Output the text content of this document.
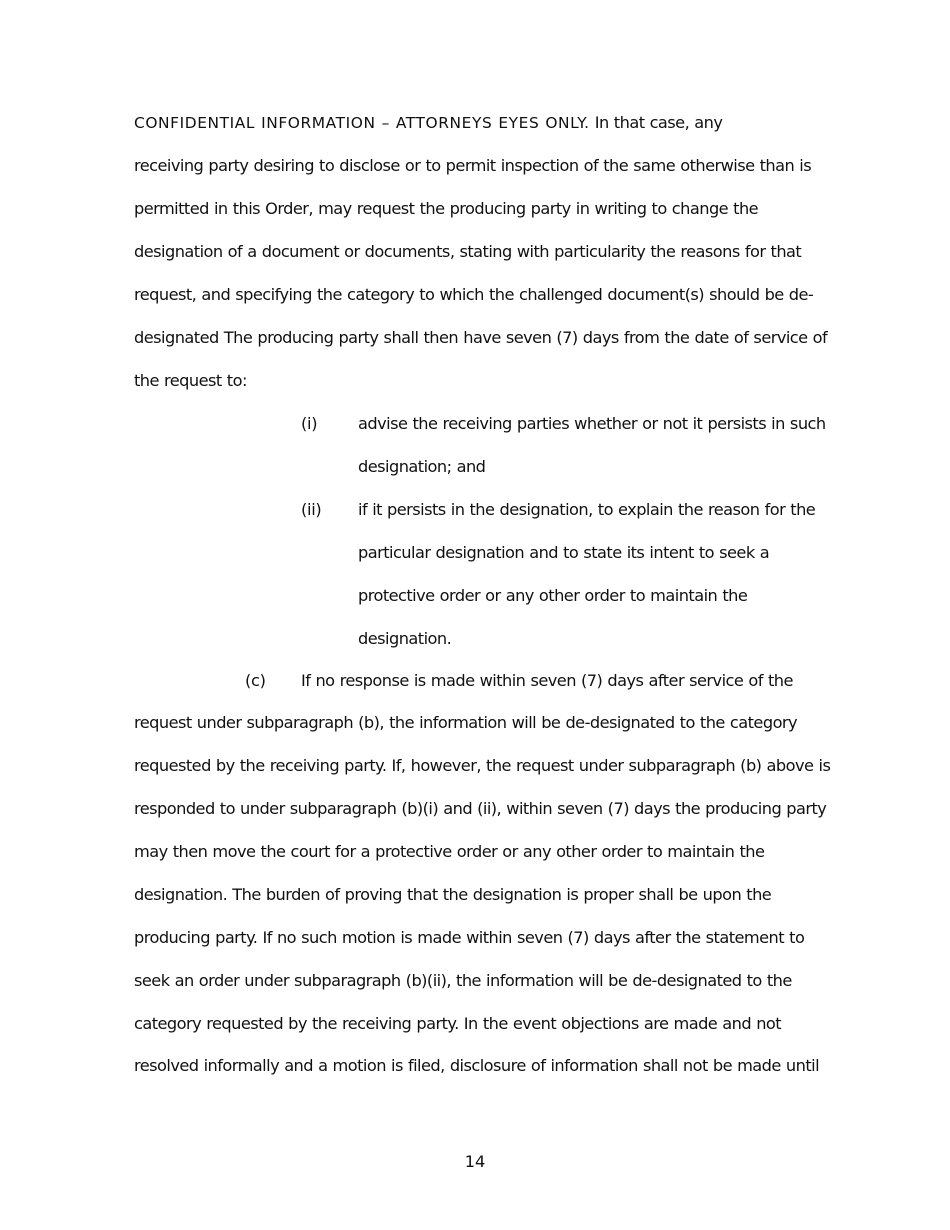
CONFIDENTIAL INFORMATION – ATTORNEYS EYES ONLY. In that case, any
receiving party desiring to disclose or to permit inspection of the same otherwise than is
permitted in this Order, may request the producing party in writing to change the
designation of a document or documents, stating with particularity the reasons for that
request, and specifying the category to which the challenged document(s) should be de-
designated The producing party shall then have seven (7) days from the date of service of
the request to:
(i)	advise the receiving parties whether or not it persists in such
designation; and
(ii) if it persists in the designation, to explain the reason for the
particular designation and to state its intent to seek a
protective order or any other order to maintain the
designation.
(c) If no response is made within seven (7) days after service of the
request under subparagraph (b), the information will be de-designated to the category
requested by the receiving party. If, however, the request under subparagraph (b) above is
responded to under subparagraph (b)(i) and (ii), within seven (7) days the producing party
may then move the court for a protective order or any other order to maintain the
designation. The burden of proving that the designation is proper shall be upon the
producing party. If no such motion is made within seven (7) days after the statement to
seek an order under subparagraph (b)(ii), the information will be de-designated to the
category requested by the receiving party. In the event objections are made and not
resolved informally and a motion is filed, disclosure of information shall not be made until
14
